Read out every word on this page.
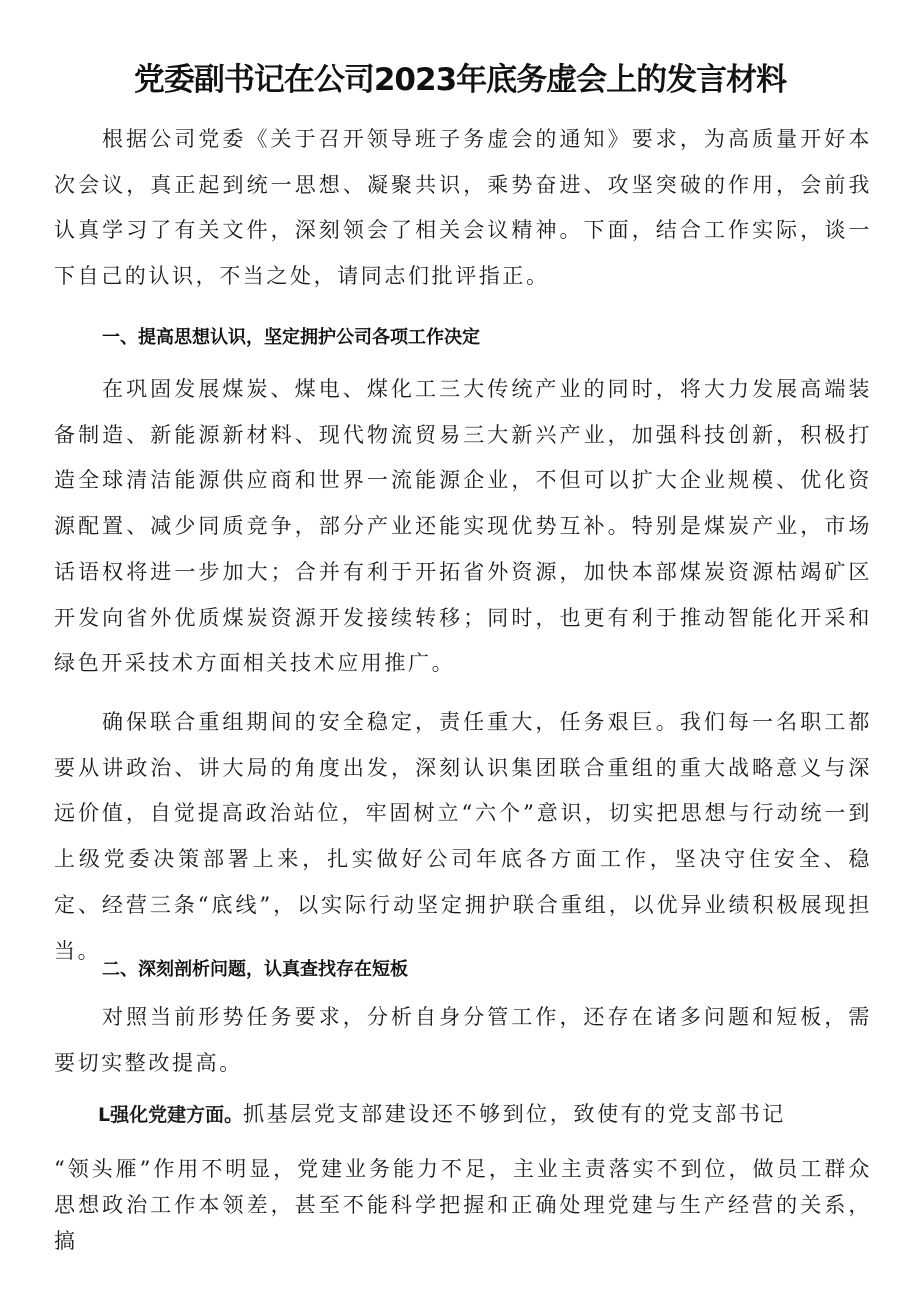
党委副书记在公司2023年底务虚会上的发言材料

根据公司党委《关于召开领导班子务虚会的通知》要求，为高质量开好本次会议，真正起到统一思想、凝聚共识，乘势奋进、攻坚突破的作用，会前我认真学习了有关文件，深刻领会了相关会议精神。下面，结合工作实际，谈一下自己的认识，不当之处，请同志们批评指正。

一、提高思想认识，坚定拥护公司各项工作决定

在巩固发展煤炭、煤电、煤化工三大传统产业的同时，将大力发展高端装备制造、新能源新材料、现代物流贸易三大新兴产业，加强科技创新，积极打造全球清洁能源供应商和世界一流能源企业，不但可以扩大企业规模、优化资源配置、减少同质竞争，部分产业还能实现优势互补。特别是煤炭产业，市场话语权将进一步加大；合并有利于开拓省外资源，加快本部煤炭资源枯竭矿区开发向省外优质煤炭资源开发接续转移；同时，也更有利于推动智能化开采和绿色开采技术方面相关技术应用推广。

确保联合重组期间的安全稳定，责任重大，任务艰巨。我们每一名职工都要从讲政治、讲大局的角度出发，深刻认识集团联合重组的重大战略意义与深远价值，自觉提高政治站位，牢固树立“六个”意识，切实把思想与行动统一到上级党委决策部署上来，扎实做好公司年底各方面工作，坚决守住安全、稳定、经营三条“底线”，以实际行动坚定拥护联合重组，以优异业绩积极展现担当。

二、深刻剖析问题，认真查找存在短板

对照当前形势任务要求，分析自身分管工作，还存在诸多问题和短板，需要切实整改提高。

L强化党建方面。抓基层党支部建设还不够到位，致使有的党支部书记

“领头雁”作用不明显，党建业务能力不足，主业主责落实不到位，做员工群众思想政治工作本领差，甚至不能科学把握和正确处理党建与生产经营的关系，搞
